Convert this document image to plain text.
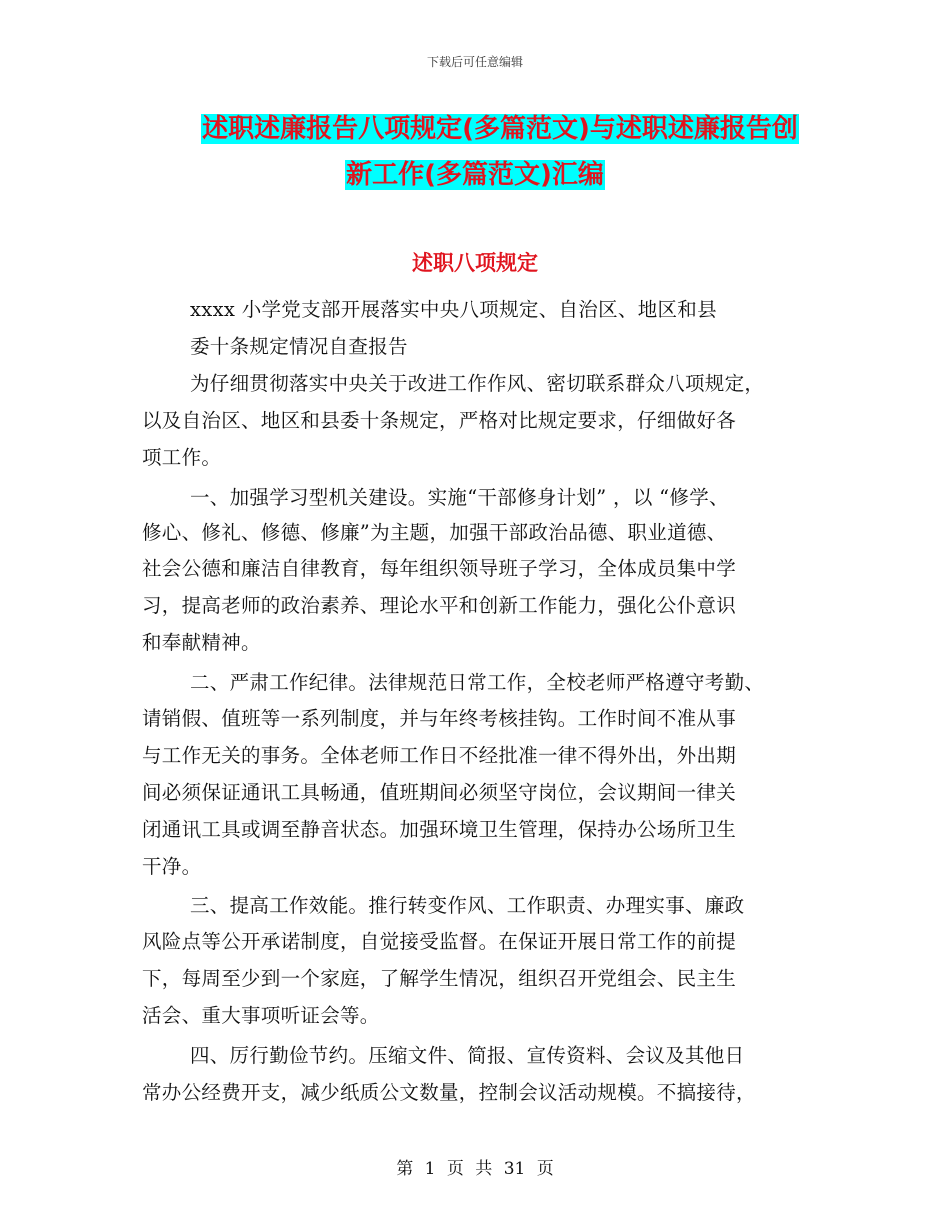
下载后可任意编辑
述职述廉报告八项规定(多篇范文)与述职述廉报告创
新工作(多篇范文)汇编
述职八项规定
xxxx 小学党支部开展落实中央八项规定、自治区、地区和县
委十条规定情况自查报告
为仔细贯彻落实中央关于改进工作作风、密切联系群众八项规定，
以及自治区、地区和县委十条规定，严格对比规定要求，仔细做好各
项工作。
一、加强学习型机关建设。实施“干部修身计划” ，以 “修学、
修心、修礼、修德、修廉”为主题，加强干部政治品德、职业道德、
社会公德和廉洁自律教育，每年组织领导班子学习，全体成员集中学
习，提高老师的政治素养、理论水平和创新工作能力，强化公仆意识
和奉献精神。
二、严肃工作纪律。法律规范日常工作，全校老师严格遵守考勤、
请销假、值班等一系列制度，并与年终考核挂钩。工作时间不准从事
与工作无关的事务。全体老师工作日不经批准一律不得外出，外出期
间必须保证通讯工具畅通，值班期间必须坚守岗位，会议期间一律关
闭通讯工具或调至静音状态。加强环境卫生管理，保持办公场所卫生
干净。
三、提高工作效能。推行转变作风、工作职责、办理实事、廉政
风险点等公开承诺制度，自觉接受监督。在保证开展日常工作的前提
下，每周至少到一个家庭，了解学生情况，组织召开党组会、民主生
活会、重大事项听证会等。
四、厉行勤俭节约。压缩文件、简报、宣传资料、会议及其他日
常办公经费开支，减少纸质公文数量，控制会议活动规模。不搞接待，
第 1 页 共 31 页
